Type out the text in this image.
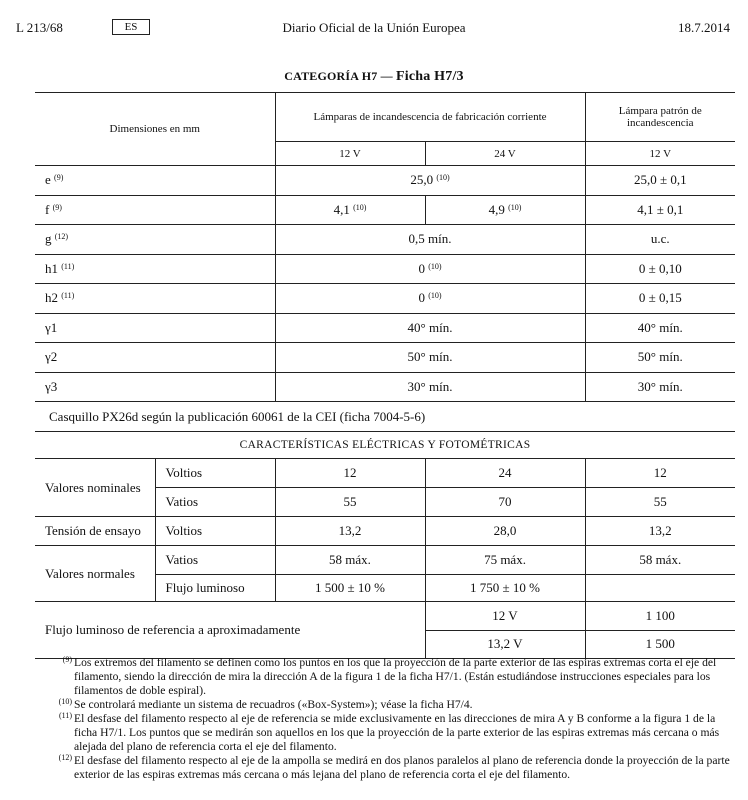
L 213/68	ES	Diario Oficial de la Unión Europea	18.7.2014
CATEGORÍA H7 — Ficha H7/3
Dimensiones en mm		Lámparas de incandescencia de fabricación corriente		Lámpara patrón de incandescencia
		12 V	24 V	12 V
e $^{(9)}$		25,0 $^{(10)}$		25,0 ± 0,1
f $^{(9)}$		4,1 $^{(10)}$	4,9 $^{(10)}$	4,1 ± 0,1
g $^{(12)}$		0,5 mín.		u.c.
h1 $^{(11)}$		0 $^{(10)}$		0 ± 0,10
h2 $^{(11)}$		0 $^{(10)}$		0 ± 0,15
γ1		40° mín.		40° mín.
γ2		50° mín.		50° mín.
γ3		30° mín.		30° mín.
Casquillo PX26d según la publicación 60061 de la CEI (ficha 7004-5-6)				
CARACTERÍSTICAS ELÉCTRICAS Y FOTOMÉTRICAS				
Valores nominales	Voltios	12	24	12
	Vatios	55	70	55
Tensión de ensayo	Voltios	13,2	28,0	13,2
Valores normales	Vatios	58 máx.	75 máx.	58 máx.
	Flujo luminoso	1 500 ± 10 %	1 750 ± 10 %	
Flujo luminoso de referencia a aproximadamente			12 V	1 100
			13,2 V	1 500
$^{(9)}$ Los extremos del filamento se definen como los puntos en los que la proyección de la parte exterior de las espiras extremas corta el eje del filamento, siendo la dirección de mira la dirección A de la figura 1 de la ficha H7/1. (Están estudiándose instrucciones especiales para los filamentos de doble espiral).
$^{(10)}$ Se controlará mediante un sistema de recuadros («Box-System»); véase la ficha H7/4.
$^{(11)}$ El desfase del filamento respecto al eje de referencia se mide exclusivamente en las direcciones de mira A y B conforme a la figura 1 de la ficha H7/1. Los puntos que se medirán son aquellos en los que la proyección de la parte exterior de las espiras extremas más cercana o más alejada del plano de referencia corta el eje del filamento.
$^{(12)}$ El desfase del filamento respecto al eje de la ampolla se medirá en dos planos paralelos al plano de referencia donde la proyección de la parte exterior de las espiras extremas más cercana o más lejana del plano de referencia corta el eje del filamento.
